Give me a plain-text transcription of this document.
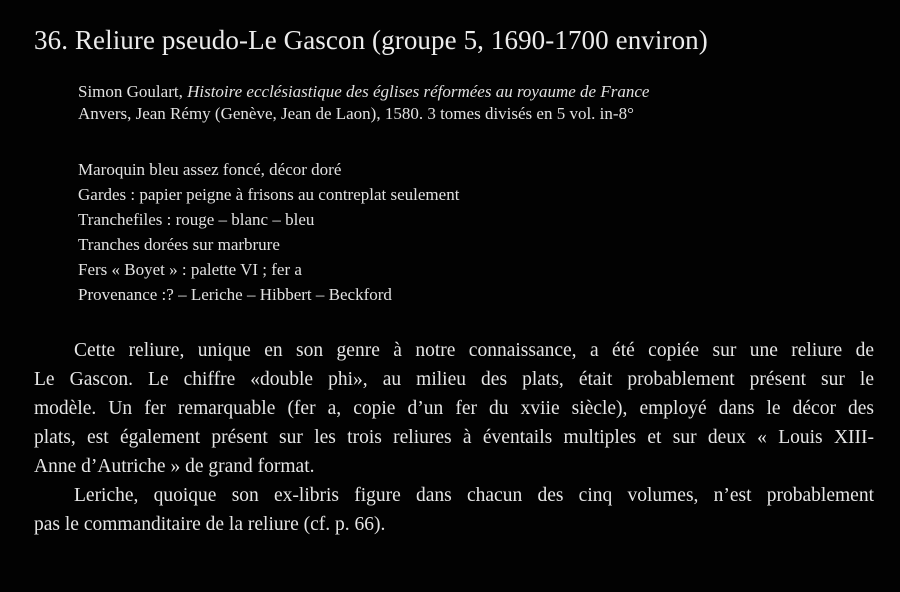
36. Reliure pseudo-Le Gascon (groupe 5, 1690-1700 environ)
Simon Goulart, Histoire ecclésiastique des églises réformées au royaume de France
Anvers, Jean Rémy (Genève, Jean de Laon), 1580. 3 tomes divisés en 5 vol. in-8°
Maroquin bleu assez foncé, décor doré
Gardes : papier peigne à frisons au contreplat seulement
Tranchefiles : rouge – blanc – bleu
Tranches dorées sur marbrure
Fers « Boyet » : palette VI ; fer a
Provenance :? – Leriche – Hibbert – Beckford
Cette reliure, unique en son genre à notre connaissance, a été copiée sur une reliure de
Le Gascon. Le chiffre «double phi», au milieu des plats, était probablement présent sur le
modèle. Un fer remarquable (fer a, copie d’un fer du xviie siècle), employé dans le décor des
plats, est également présent sur les trois reliures à éventails multiples et sur deux « Louis XIII-
Anne d’Autriche » de grand format.
Leriche, quoique son ex-libris figure dans chacun des cinq volumes, n’est probablement
pas le commanditaire de la reliure (cf. p. 66).
